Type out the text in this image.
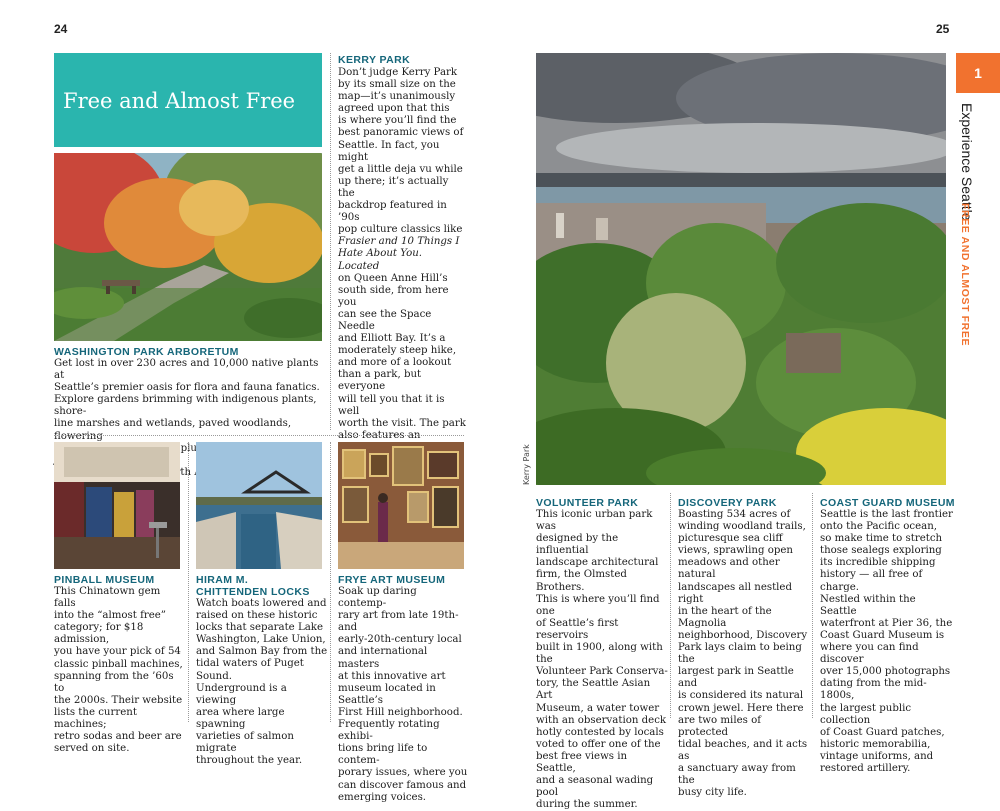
24
Free and Almost Free
WASHINGTON PARK ARBORETUM
Get lost in over 230 acres and 10,000 native plants at
Seattle’s premier oasis for flora and fauna fanatics.
Explore gardens brimming with indigenous plants, shore-
line marshes and wetlands, paved woodlands, flowering
plus
KERRY PARK
Don’t judge Kerry Park
by its small size on the
map—it’s unanimously
agreed upon that this
is where you’ll find the
best panoramic views of
Seattle. In fact, you might
get a little deja vu while
up there; it’s actually the
backdrop featured in ’90s
pop culture classics like
Frasier and 10 Things I
Hate About You. Located
on Queen Anne Hill’s
south side, from here you
can see the Space Needle
and Elliott Bay. It’s a
moderately steep hike,
and more of a lookout
than a park, but everyone
will tell you that it is well
worth the visit. The park
also features an
PINBALL MUSEUM
This Chinatown gem falls
into the “almost free”
category; for $18 admission,
you have your pick of 54
classic pinball machines,
spanning from the ’60s to
the 2000s. Their website
lists the current machines;
retro sodas and beer are
served on site.
HIRAM M.
CHITTENDEN LOCKS
Watch boats lowered and
raised on these historic
locks that separate Lake
Washington, Lake Union,
and Salmon Bay from the
tidal waters of Puget Sound.
Underground is a viewing
area where large spawning
varieties of salmon migrate
throughout the year.
FRYE ART MUSEUM
Soak up daring contemp-
rary art from late 19th- and
early-20th-century local
and international masters
at this innovative art
museum located in Seattle’s
First Hill neighborhood.
Frequently rotating exhibi-
tions bring life to contem-
porary issues, where you
can discover famous and
emerging voices.
25
1
Experience Seattle
FREE AND ALMOST FREE
Kerry Park
VOLUNTEER PARK
This iconic urban park was
designed by the influential
landscape architectural
firm, the Olmsted Brothers.
This is where you’ll find one
of Seattle’s first reservoirs
built in 1900, along with the
Volunteer Park Conserva-
tory, the Seattle Asian Art
Museum, a water tower
with an observation deck
hotly contested by locals
voted to offer one of the
best free views in Seattle,
and a seasonal wading pool
during the summer.
DISCOVERY PARK
Boasting 534 acres of
winding woodland trails,
picturesque sea cliff
views, sprawling open
meadows and other natural
landscapes all nestled right
in the heart of the Magnolia
neighborhood, Discovery
Park lays claim to being the
largest park in Seattle and
is considered its natural
crown jewel. Here there
are two miles of protected
tidal beaches, and it acts as
a sanctuary away from the
busy city life.
COAST GUARD MUSEUM
Seattle is the last frontier
onto the Pacific ocean,
so make time to stretch
those sealegs exploring
its incredible shipping
history — all free of charge.
Nestled within the Seattle
waterfront at Pier 36, the
Coast Guard Museum is
where you can find discover
over 15,000 photographs
dating from the mid-1800s,
the largest public collection
of Coast Guard patches,
historic memorabilia,
vintage uniforms, and
restored artillery.
